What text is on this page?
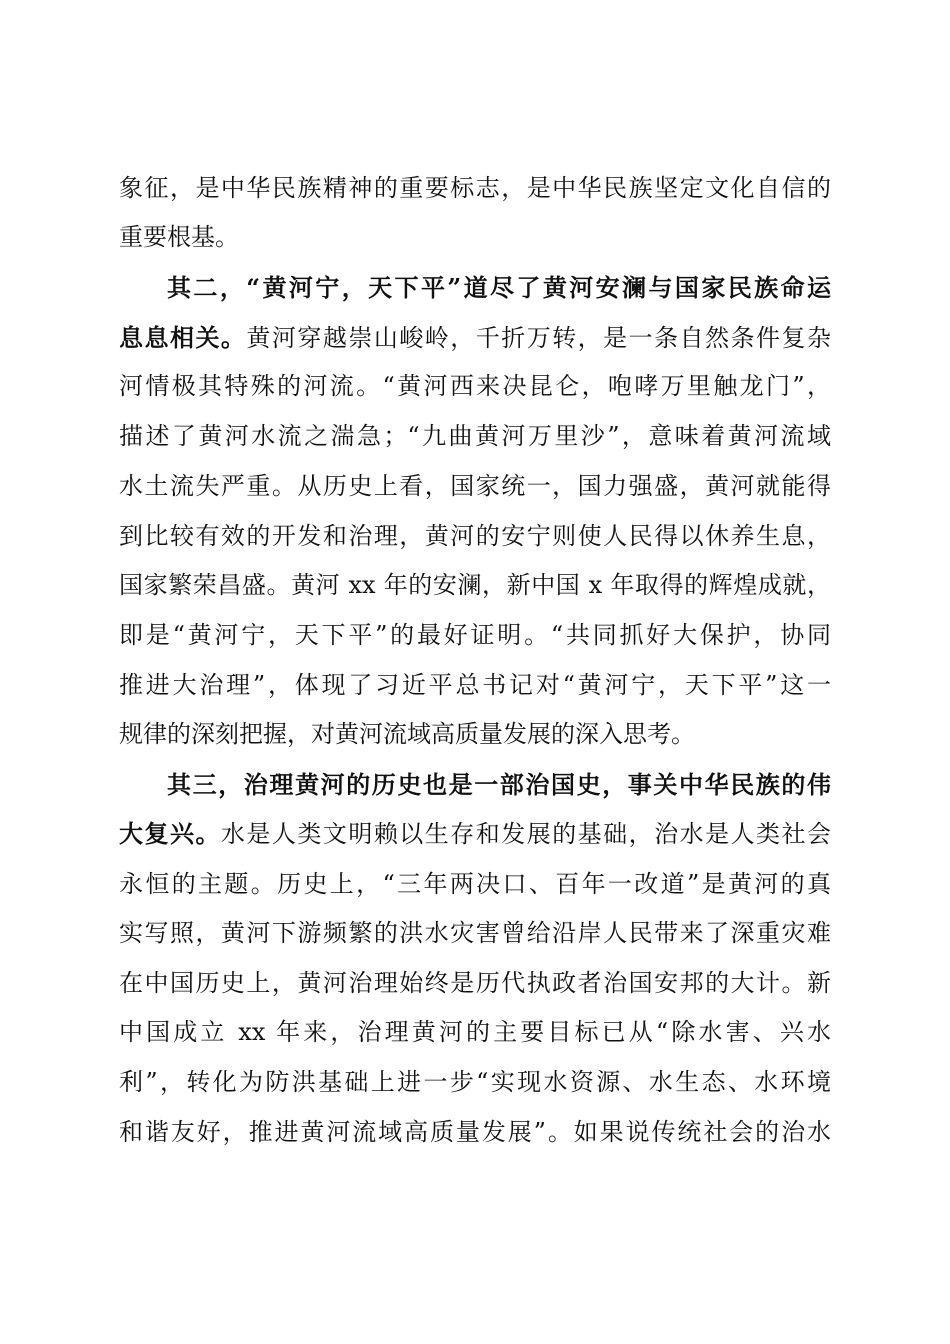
象征，是中华民族精神的重要标志，是中华民族坚定文化自信的
重要根基。
其二，“黄河宁，天下平”道尽了黄河安澜与国家民族命运
息息相关。黄河穿越崇山峻岭，千折万转，是一条自然条件复杂
河情极其特殊的河流。“黄河西来决昆仑，咆哮万里触龙门”，
描述了黄河水流之湍急；“九曲黄河万里沙”，意味着黄河流域
水土流失严重。从历史上看，国家统一，国力强盛，黄河就能得
到比较有效的开发和治理，黄河的安宁则使人民得以休养生息，
国家繁荣昌盛。黄河 xx 年的安澜，新中国 x 年取得的辉煌成就，
即是“黄河宁，天下平”的最好证明。“共同抓好大保护，协同
推进大治理”，体现了习近平总书记对“黄河宁，天下平”这一
规律的深刻把握，对黄河流域高质量发展的深入思考。
其三，治理黄河的历史也是一部治国史，事关中华民族的伟
大复兴。水是人类文明赖以生存和发展的基础，治水是人类社会
永恒的主题。历史上，“三年两决口、百年一改道”是黄河的真
实写照，黄河下游频繁的洪水灾害曾给沿岸人民带来了深重灾难
在中国历史上，黄河治理始终是历代执政者治国安邦的大计。新
中国成立 xx 年来，治理黄河的主要目标已从“除水害、兴水
利”，转化为防洪基础上进一步“实现水资源、水生态、水环境
和谐友好，推进黄河流域高质量发展”。如果说传统社会的治水
